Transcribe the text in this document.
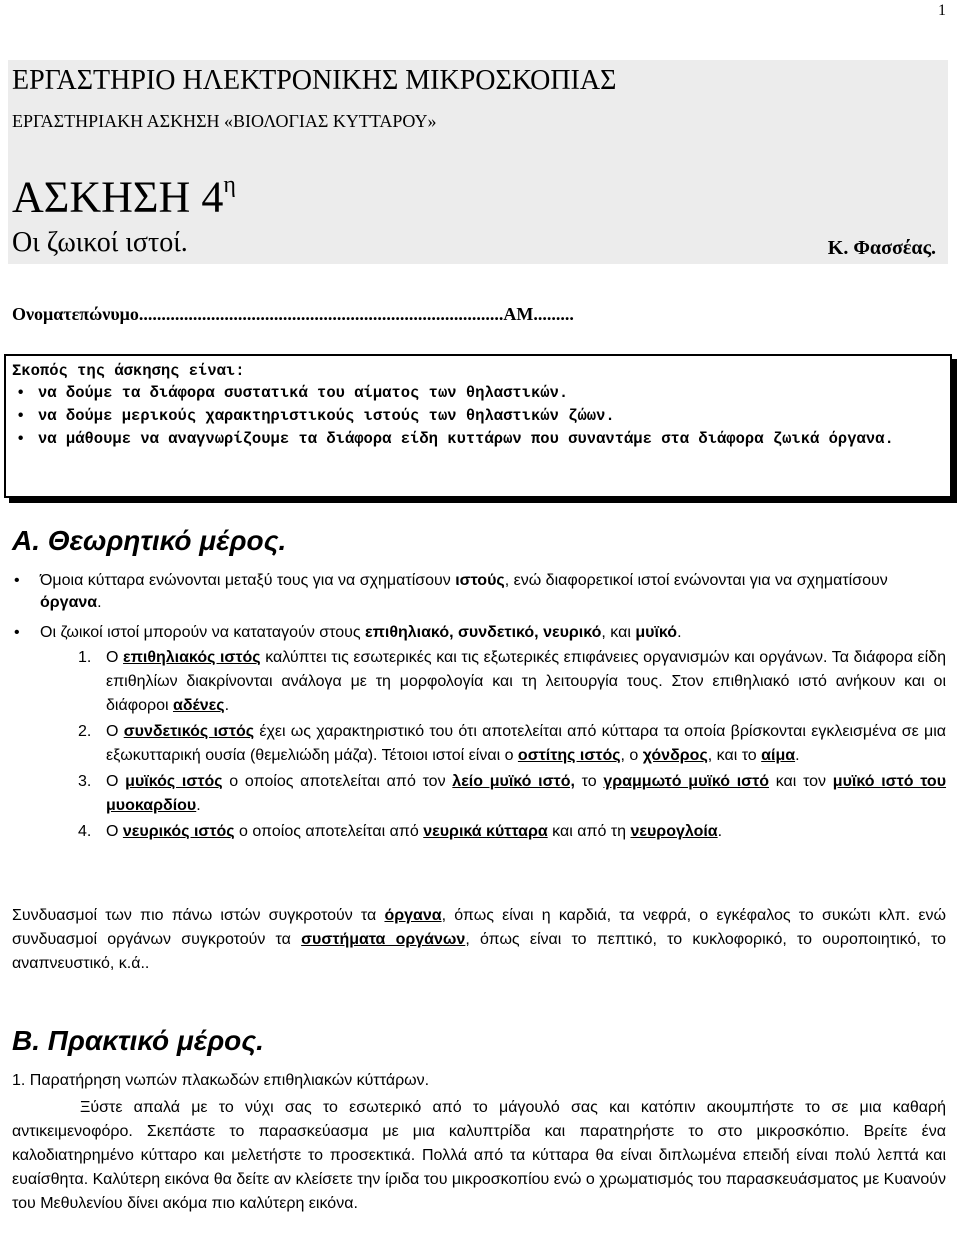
1
ΕΡΓΑΣΤΗΡΙΟ ΗΛΕΚΤΡΟΝΙΚΗΣ ΜΙΚΡΟΣΚΟΠΙΑΣ
ΕΡΓΑΣΤΗΡΙΑΚΗ ΑΣΚΗΣΗ «ΒΙΟΛΟΓΙΑΣ ΚΥΤΤΑΡΟΥ»
ΑΣΚΗΣΗ $4^\eta$
Οι ζωικοί ιστοί.	Κ. Φασσέας.
Ονοματεπώνυμο.................................................................................ΑΜ.........
Σκοπός της άσκησης είναι:
• να δούμε τα διάφορα συστατικά του αίματος των θηλαστικών.
• να δούμε μερικούς χαρακτηριστικούς ιστούς των θηλαστικών ζώων.
• να μάθουμε να αναγνωρίζουμε τα διάφορα είδη κυττάρων που συναντάμε στα διάφορα ζωικά όργανα.
Α. Θεωρητικό μέρος.
• Όμοια κύτταρα ενώνονται μεταξύ τους για να σχηματίσουν ιστούς, ενώ διαφορετικοί ιστοί ενώνονται για να σχηματίσουν όργανα.
• Οι ζωικοί ιστοί μπορούν να καταταγούν στους επιθηλιακό, συνδετικό, νευρικό, και μυϊκό.
1. Ο επιθηλιακός ιστός καλύπτει τις εσωτερικές και τις εξωτερικές επιφάνειες οργανισμών και οργάνων. Τα διάφορα είδη επιθηλίων διακρίνονται ανάλογα με τη μορφολογία και τη λειτουργία τους. Στον επιθηλιακό ιστό ανήκουν και οι διάφοροι αδένες.
2. Ο συνδετικός ιστός έχει ως χαρακτηριστικό του ότι αποτελείται από κύτταρα τα οποία βρίσκονται εγκλεισμένα σε μια εξωκυτταρική ουσία (θεμελιώδη μάζα). Τέτοιοι ιστοί είναι ο οστίτης ιστός, ο χόνδρος, και το αίμα.
3. Ο μυϊκός ιστός ο οποίος αποτελείται από τον λείο μυϊκό ιστό, το γραμμωτό μυϊκό ιστό και τον μυϊκό ιστό του μυοκαρδίου.
4. Ο νευρικός ιστός ο οποίος αποτελείται από νευρικά κύτταρα και από τη νευρογλοία.
Συνδυασμοί των πιο πάνω ιστών συγκροτούν τα όργανα, όπως είναι η καρδιά, τα νεφρά, ο εγκέφαλος το συκώτι κλπ. ενώ συνδυασμοί οργάνων συγκροτούν τα συστήματα οργάνων, όπως είναι το πεπτικό, το κυκλοφορικό, το ουροποιητικό, το αναπνευστικό, κ.ά..
Β. Πρακτικό μέρος.
1. Παρατήρηση νωπών πλακωδών επιθηλιακών κύττάρων.
Ξύστε απαλά με το νύχι σας το εσωτερικό από το μάγουλό σας και κατόπιν ακουμπήστε το σε μια καθαρή αντικειμενοφόρο. Σκεπάστε το παρασκεύασμα με μια καλυπτρίδα και παρατηρήστε το στο μικροσκόπιο. Βρείτε ένα καλοδιατηρημένο κύτταρο και μελετήστε το προσεκτικά. Πολλά από τα κύτταρα θα είναι διπλωμένα επειδή είναι πολύ λεπτά και ευαίσθητα. Καλύτερη εικόνα θα δείτε αν κλείσετε την ίριδα του μικροσκοπίου ενώ ο χρωματισμός του παρασκευάσματος με Κυανούν του Μεθυλενίου δίνει ακόμα πιο καλύτερη εικόνα.
